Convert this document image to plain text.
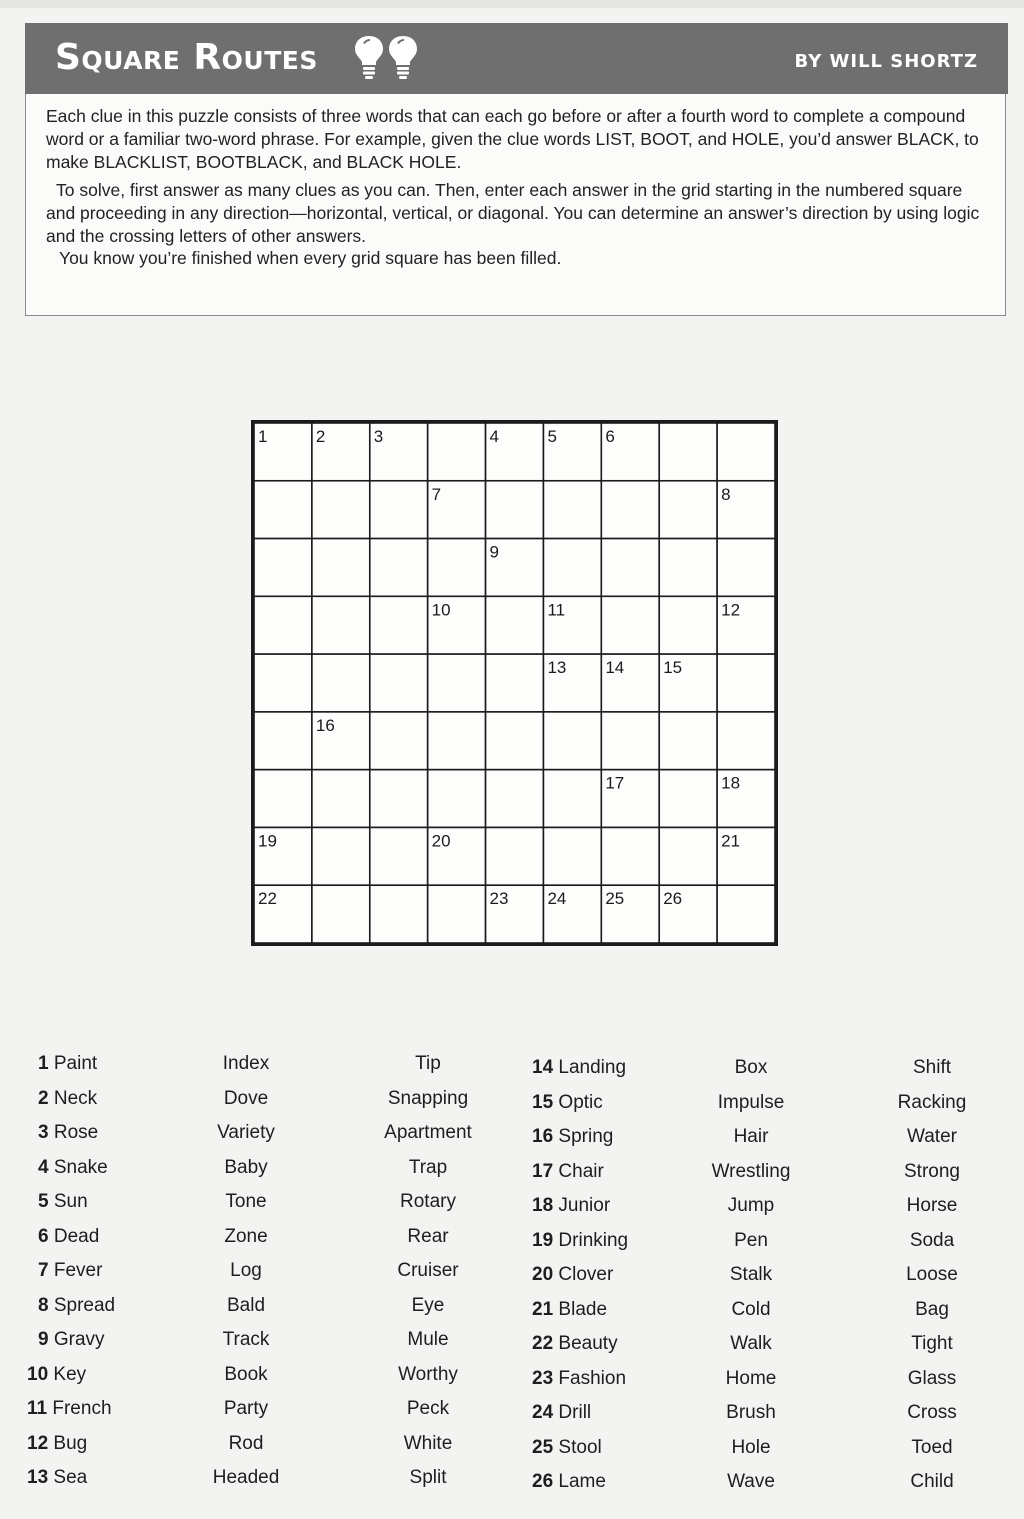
Square Routes	BY WILL SHORTZ

Each clue in this puzzle consists of three words that can each go before or after a fourth word to complete a compound word or a familiar two-word phrase. For example, given the clue words LIST, BOOT, and HOLE, you’d answer BLACK, to make BLACKLIST, BOOTBLACK, and BLACK HOLE.

To solve, first answer as many clues as you can. Then, enter each answer in the grid starting in the numbered square and proceeding in any direction—horizontal, vertical, or diagonal. You can determine an answer’s direction by using logic and the crossing letters of other answers.

You know you’re finished when every grid square has been filled.

1	2	3	4	5	6
7	8
9
10	11	12
13 14 15
16
17	18
19	20	21
22	23 24 25 26
1 Paint	Index	Tip
2 Neck	Dove	Snapping
3 Rose	Variety	Apartment
4 Snake	Baby	Trap
5 Sun	Tone	Rotary
6 Dead	Zone	Rear
7 Fever	Log	Cruiser
8 Spread	Bald	Eye
9 Gravy	Track	Mule
10 Key	Book	Worthy
11 French	Party	Peck
12 Bug	Rod	White
13 Sea	Headed	Split
14 Landing	Box	Shift
15 Optic	Impulse	Racking
16 Spring	Hair	Water
17 Chair	Wrestling	Strong
18 Junior	Jump	Horse
19 Drinking	Pen	Soda
20 Clover	Stalk	Loose
21 Blade	Cold	Bag
22 Beauty	Walk	Tight
23 Fashion	Home	Glass
24 Drill	Brush	Cross
25 Stool	Hole	Toed
26 Lame	Wave	Child
